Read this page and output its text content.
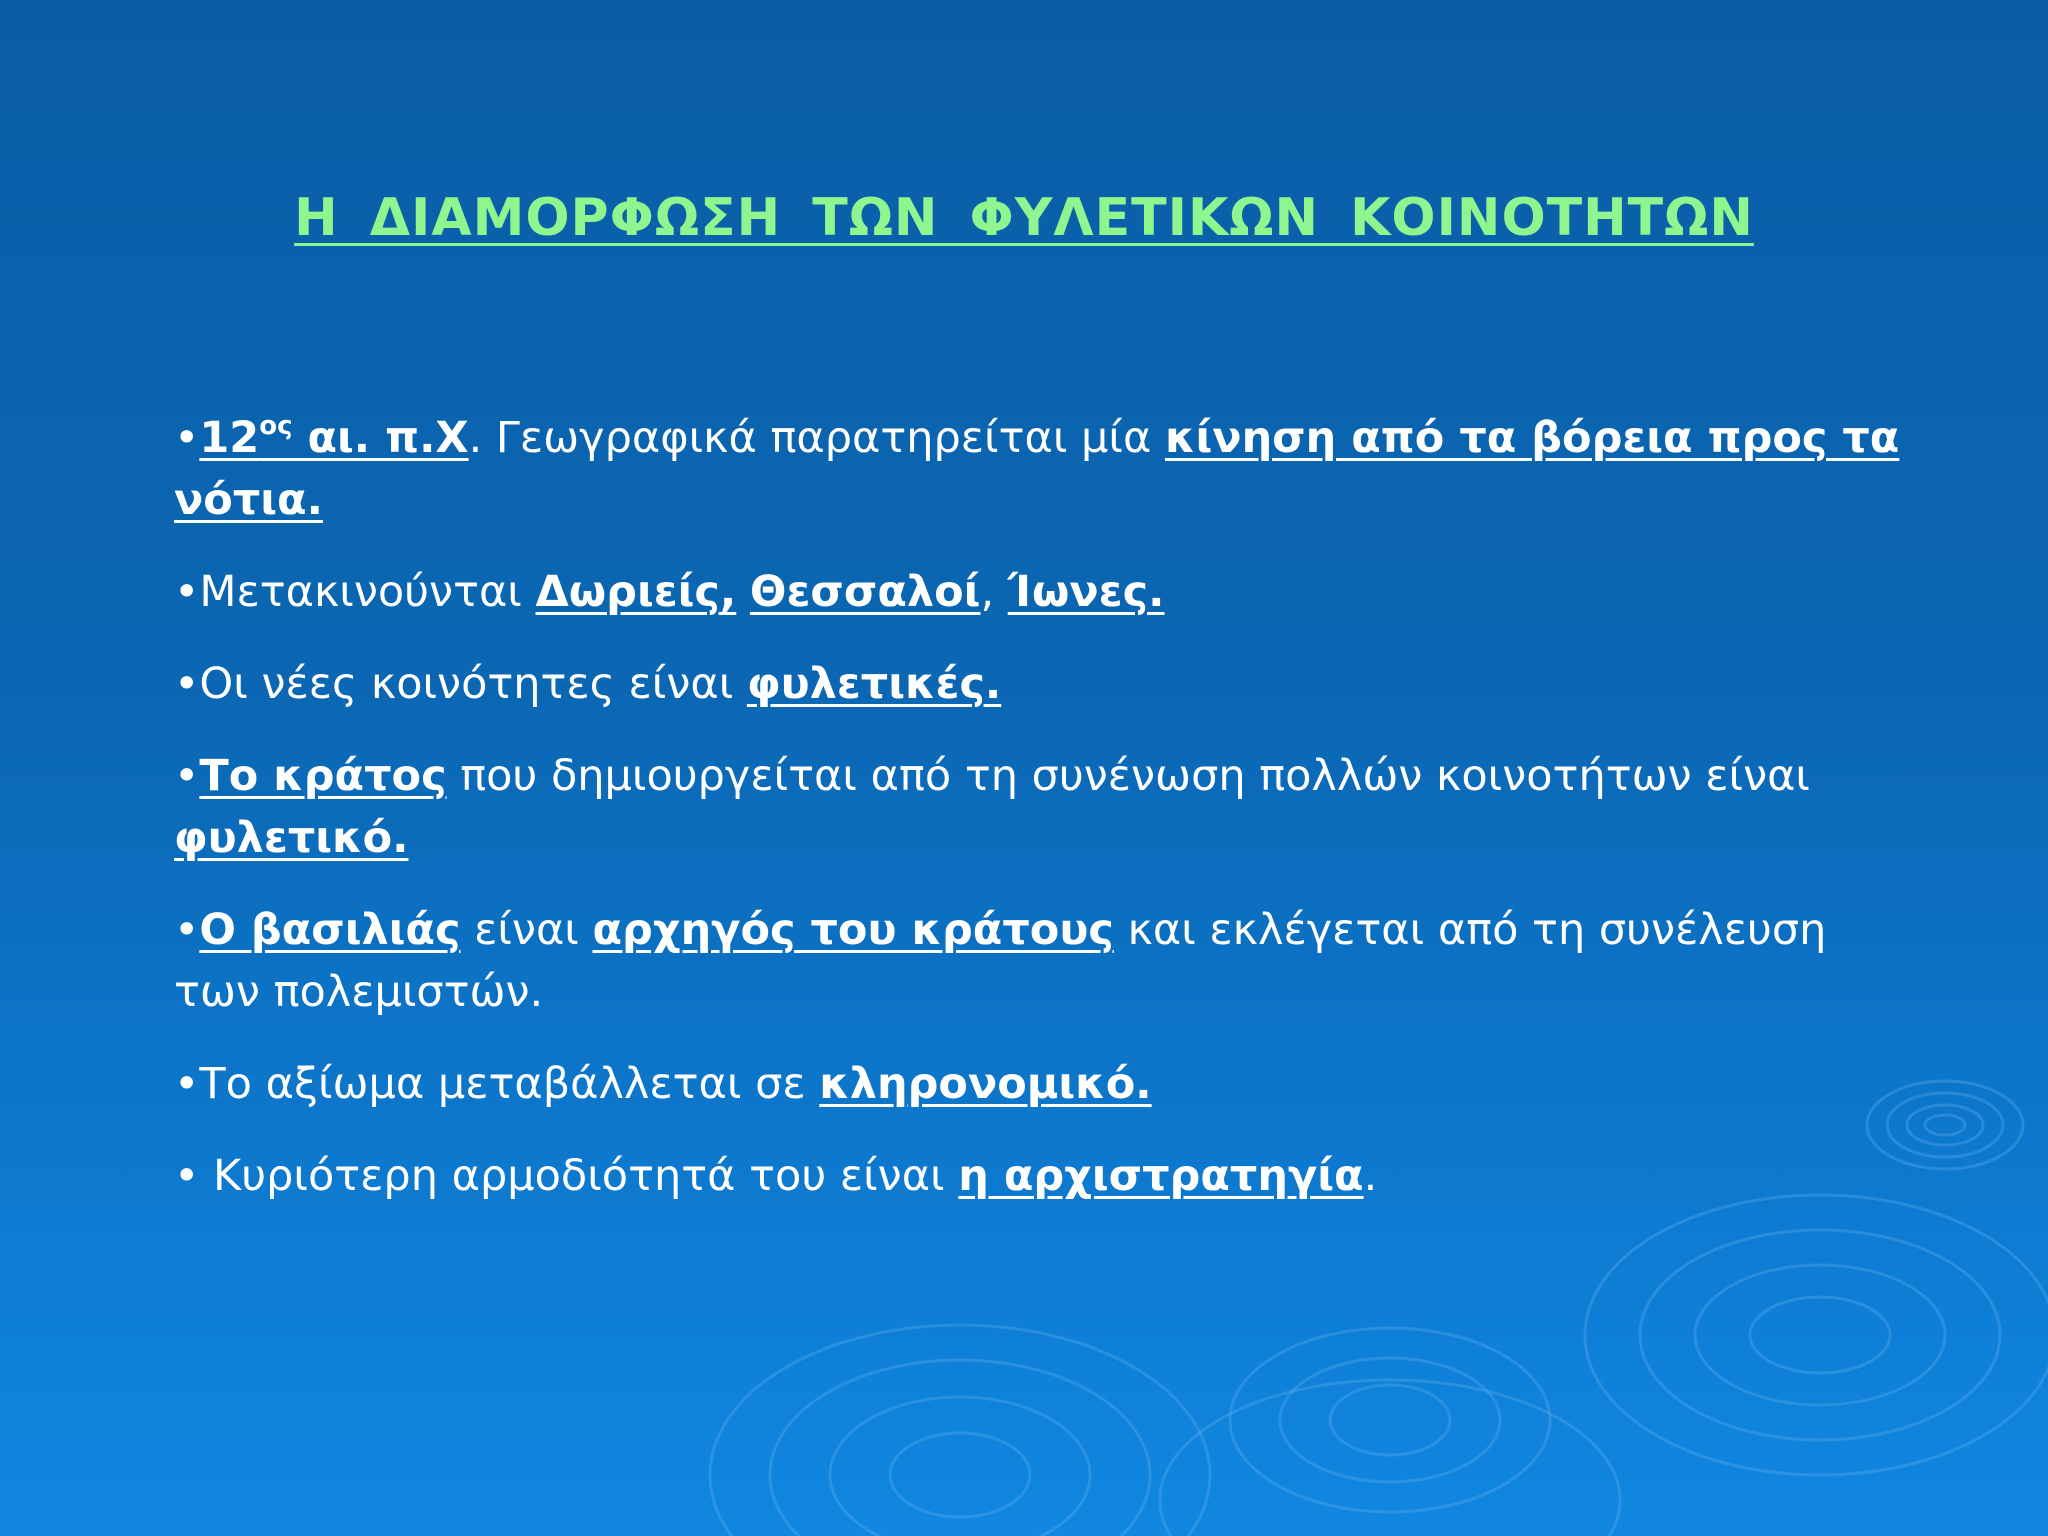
Η ΔΙΑΜΟΡΦΩΣΗ ΤΩΝ ΦΥΛΕΤΙΚΩΝ ΚΟΙΝΟΤΗΤΩΝ
$•12^{o\varsigma}$ αι. π.Χ. Γεωγραφικά παρατηρείται μία κίνηση από τα βόρεια προς τα νότια.
•Μετακινούνται Δωριείς, Θεσσαλοί, Ίωνες.
•Οι νέες κοινότητες είναι φυλετικές.
•Το κράτος που δημιουργείται από τη συνένωση πολλών κοινοτήτων είναι φυλετικό.
•Ο βασιλιάς είναι αρχηγός του κράτους και εκλέγεται από τη συνέλευση των πολεμιστών.
•Το αξίωμα μεταβάλλεται σε κληρονομικό.
• Κυριότερη αρμοδιότητά του είναι η αρχιστρατηγία.
